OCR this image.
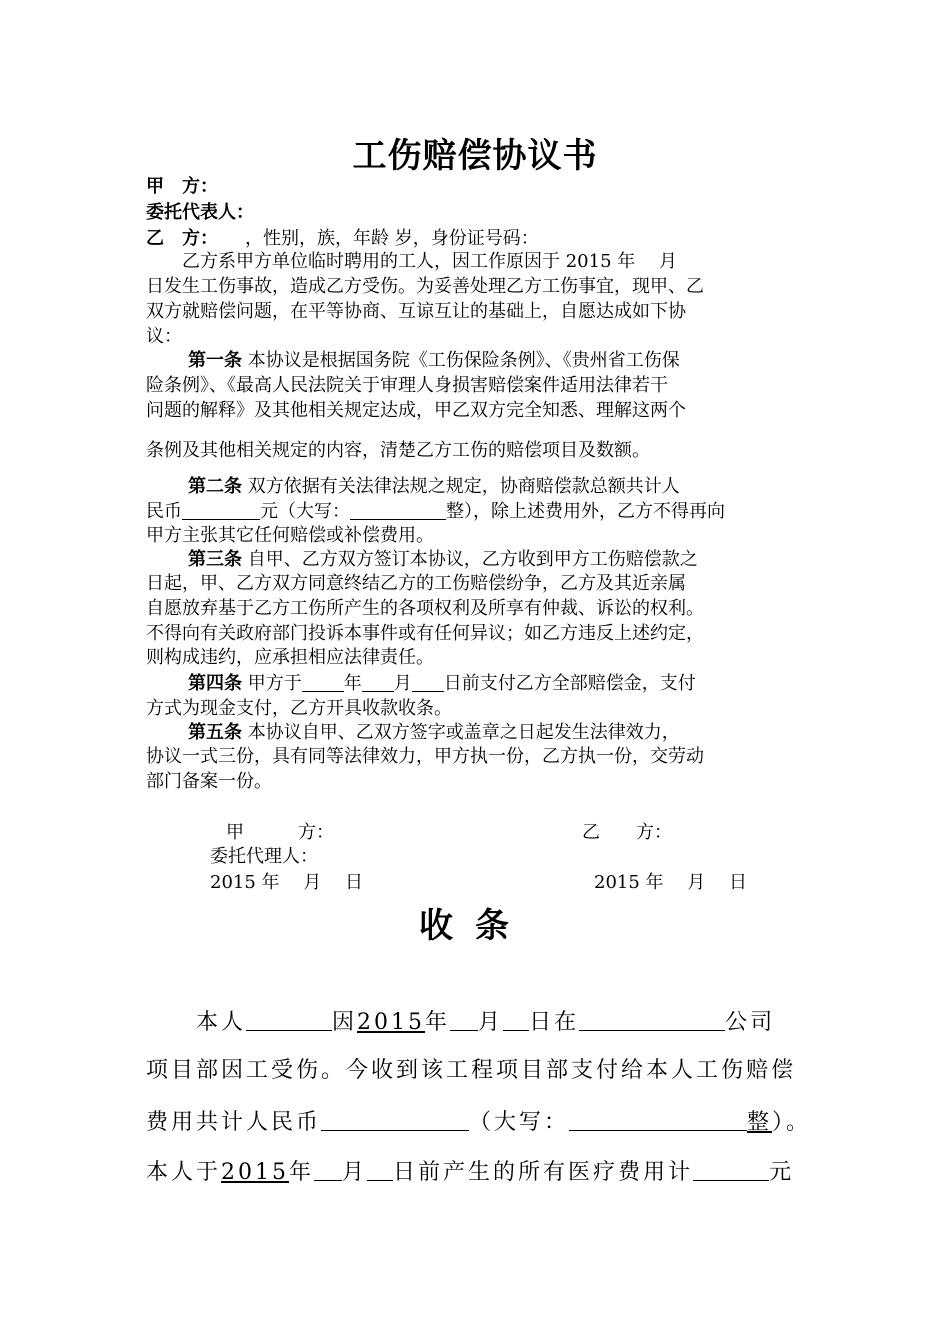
工伤赔偿协议书
甲　方：
委托代表人：
乙　方：　　，性别，族，年龄 岁，身份证号码：
　　乙方系甲方单位临时聘用的工人，因工作原因于 2015 年　 月
日发生工伤事故，造成乙方受伤。为妥善处理乙方工伤事宜，现甲、乙
双方就赔偿问题，在平等协商、互谅互让的基础上，自愿达成如下协
议：
第一条 本协议是根据国务院《工伤保险条例》、《贵州省工伤保
险条例》、《最高人民法院关于审理人身损害赔偿案件适用法律若干
问题的解释》及其他相关规定达成，甲乙双方完全知悉、理解这两个
条例及其他相关规定的内容，清楚乙方工伤的赔偿项目及数额。
第二条 双方依据有关法律法规之规定，协商赔偿款总额共计人
民币	元（大写：	整），除上述费用外，乙方不得再向
甲方主张其它任何赔偿或补偿费用。
第三条 自甲、乙方双方签订本协议，乙方收到甲方工伤赔偿款之
日起，甲、乙方双方同意终结乙方的工伤赔偿纷争，乙方及其近亲属
自愿放弃基于乙方工伤所产生的各项权利及所享有仲裁、诉讼的权利。
不得向有关政府部门投诉本事件或有任何异议；如乙方违反上述约定，
则构成违约，应承担相应法律责任。
第四条 甲方于 年 月 日前支付乙方全部赔偿金，支付
方式为现金支付，乙方开具收款收条。
第五条 本协议自甲、乙双方签字或盖章之日起发生法律效力，
协议一式三份，具有同等法律效力，甲方执一份，乙方执一份，交劳动
部门备案一份。
甲　　　方：	乙　　方：
委托代理人：
2015 年　 月　 日	2015 年　 月　 日
收条
　　本人	因2015年 月 日在	公司
项目部因工受伤。今收到该工程项目部支付给本人工伤赔偿
费用共计人民币	（大写：	整）。
本人于2015年 月 日前产生的所有医疗费用计	元
